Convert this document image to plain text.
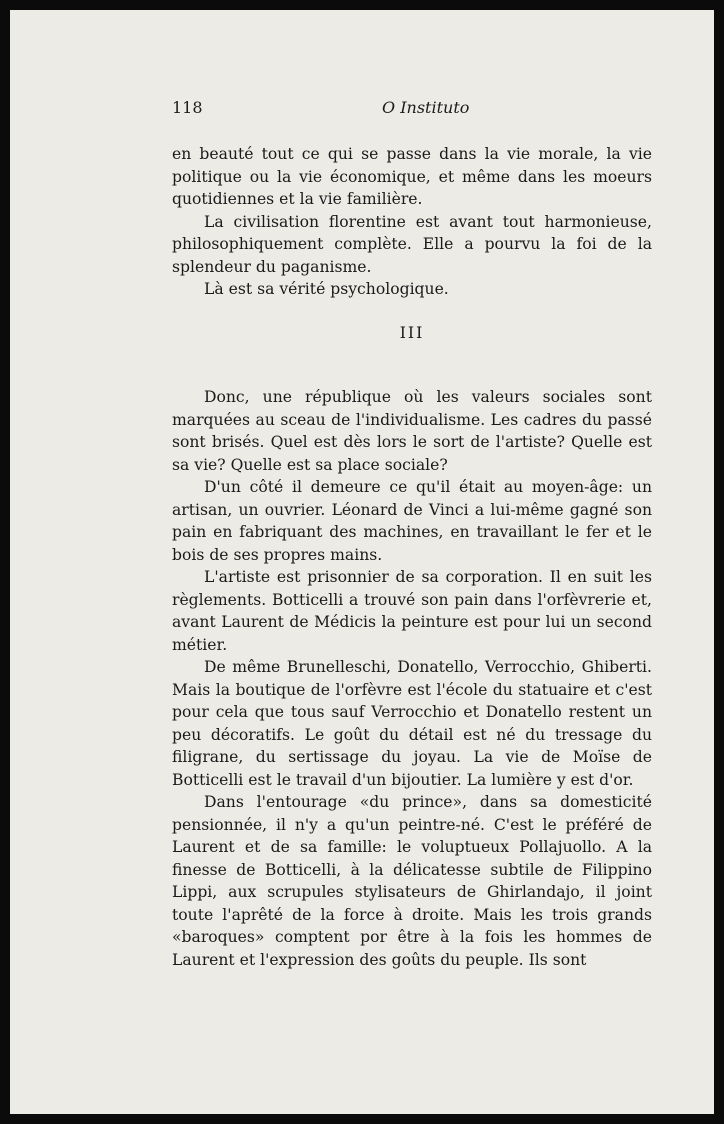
118	O Instituto

en beauté tout ce qui se passe dans la vie morale, la vie politique ou la vie économique, et même dans les moeurs quotidiennes et la vie familière.

La civilisation florentine est avant tout harmonieuse, philosophiquement complète. Elle a pourvu la foi de la splendeur du paganisme.

Là est sa vérité psychologique.

III

Donc, une république où les valeurs sociales sont marquées au sceau de l'individualisme. Les cadres du passé sont brisés. Quel est dès lors le sort de l'artiste? Quelle est sa vie? Quelle est sa place sociale?

D'un côté il demeure ce qu'il était au moyen-âge: un artisan, un ouvrier. Léonard de Vinci a lui-même gagné son pain en fabriquant des machines, en travaillant le fer et le bois de ses propres mains.

L'artiste est prisonnier de sa corporation. Il en suit les règlements. Botticelli a trouvé son pain dans l'orfèvrerie et, avant Laurent de Médicis la peinture est pour lui un second métier.

De même Brunelleschi, Donatello, Verrocchio, Ghiberti. Mais la boutique de l'orfèvre est l'école du statuaire et c'est pour cela que tous sauf Verrocchio et Donatello restent un peu décoratifs. Le goût du détail est né du tressage du filigrane, du sertissage du joyau. La vie de Moïse de Botticelli est le travail d'un bijoutier. La lumière y est d'or.

Dans l'entourage «du prince», dans sa domesticité pensionnée, il n'y a qu'un peintre-né. C'est le préféré de Laurent et de sa famille: le voluptueux Pollajuollo. A la finesse de Botticelli, à la délicatesse subtile de Filippino Lippi, aux scrupules stylisateurs de Ghirlandajo, il joint toute l'aprêté de la force à droite. Mais les trois grands «baroques» comptent por être à la fois les hommes de Laurent et l'expression des goûts du peuple. Ils sont
